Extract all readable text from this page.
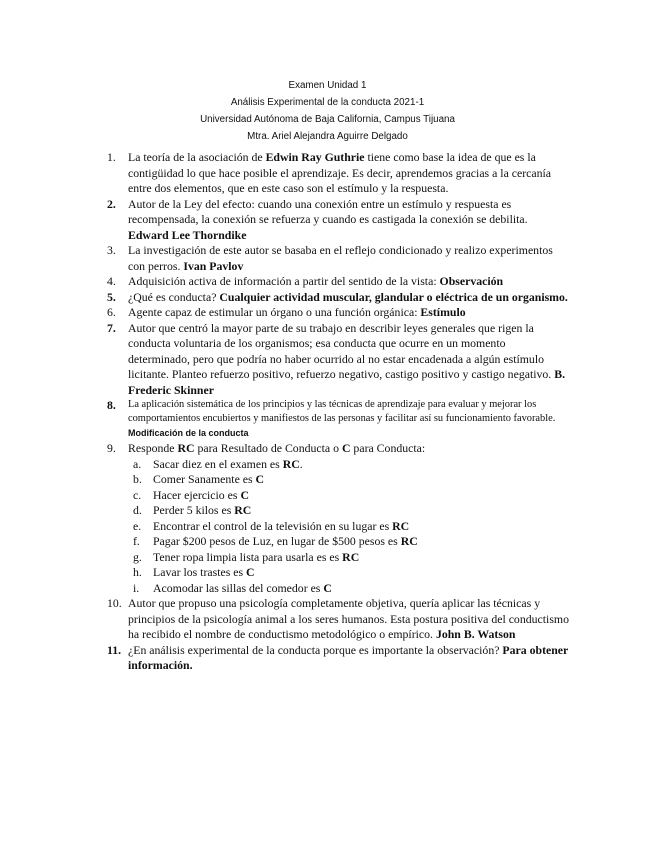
Examen Unidad 1
Análisis Experimental de la conducta 2021-1
Universidad Autónoma de Baja California, Campus Tijuana
Mtra. Ariel Alejandra Aguirre Delgado
1.	La teoría de la asociación de Edwin Ray Guthrie tiene como base la idea de que es la contigüidad lo que hace posible el aprendizaje. Es decir, aprendemos gracias a la cercanía entre dos elementos, que en este caso son el estímulo y la respuesta.
2.	Autor de la Ley del efecto: cuando una conexión entre un estímulo y respuesta es recompensada, la conexión se refuerza y cuando es castigada la conexión se debilita. Edward Lee Thorndike
3.	La investigación de este autor se basaba en el reflejo condicionado y realizo experimentos con perros. Ivan Pavlov
4.	Adquisición activa de información a partir del sentido de la vista: Observación
5.	¿Qué es conducta? Cualquier actividad muscular, glandular o eléctrica de un organismo.
6.	Agente capaz de estimular un órgano o una función orgánica: Estímulo
7.	Autor que centró la mayor parte de su trabajo en describir leyes generales que rigen la conducta voluntaria de los organismos; esa conducta que ocurre en un momento determinado, pero que podría no haber ocurrido al no estar encadenada a algún estímulo licitante. Planteo refuerzo positivo, refuerzo negativo, castigo positivo y castigo negativo. B. Frederic Skinner
8.	La aplicación sistemática de los principios y las técnicas de aprendizaje para evaluar y mejorar los comportamientos encubiertos y manifiestos de las personas y facilitar así su funcionamiento favorable. Modificación de la conducta
9.	Responde RC para Resultado de Conducta o C para Conducta:
a.	Sacar diez en el examen es RC.
b. Comer Sanamente es C
c.	Hacer ejercicio es C
d. Perder 5 kilos es RC
e.	Encontrar el control de la televisión en su lugar es RC
f.	Pagar $200 pesos de Luz, en lugar de $500 pesos es RC
g. Tener ropa limpia lista para usarla es es RC
h. Lavar los trastes es C
i.	Acomodar las sillas del comedor es C
10. Autor que propuso una psicología completamente objetiva, quería aplicar las técnicas y principios de la psicología animal a los seres humanos. Esta postura positiva del conductismo ha recibido el nombre de conductismo metodológico o empírico. John B. Watson
11. ¿En análisis experimental de la conducta porque es importante la observación? Para obtener información.
